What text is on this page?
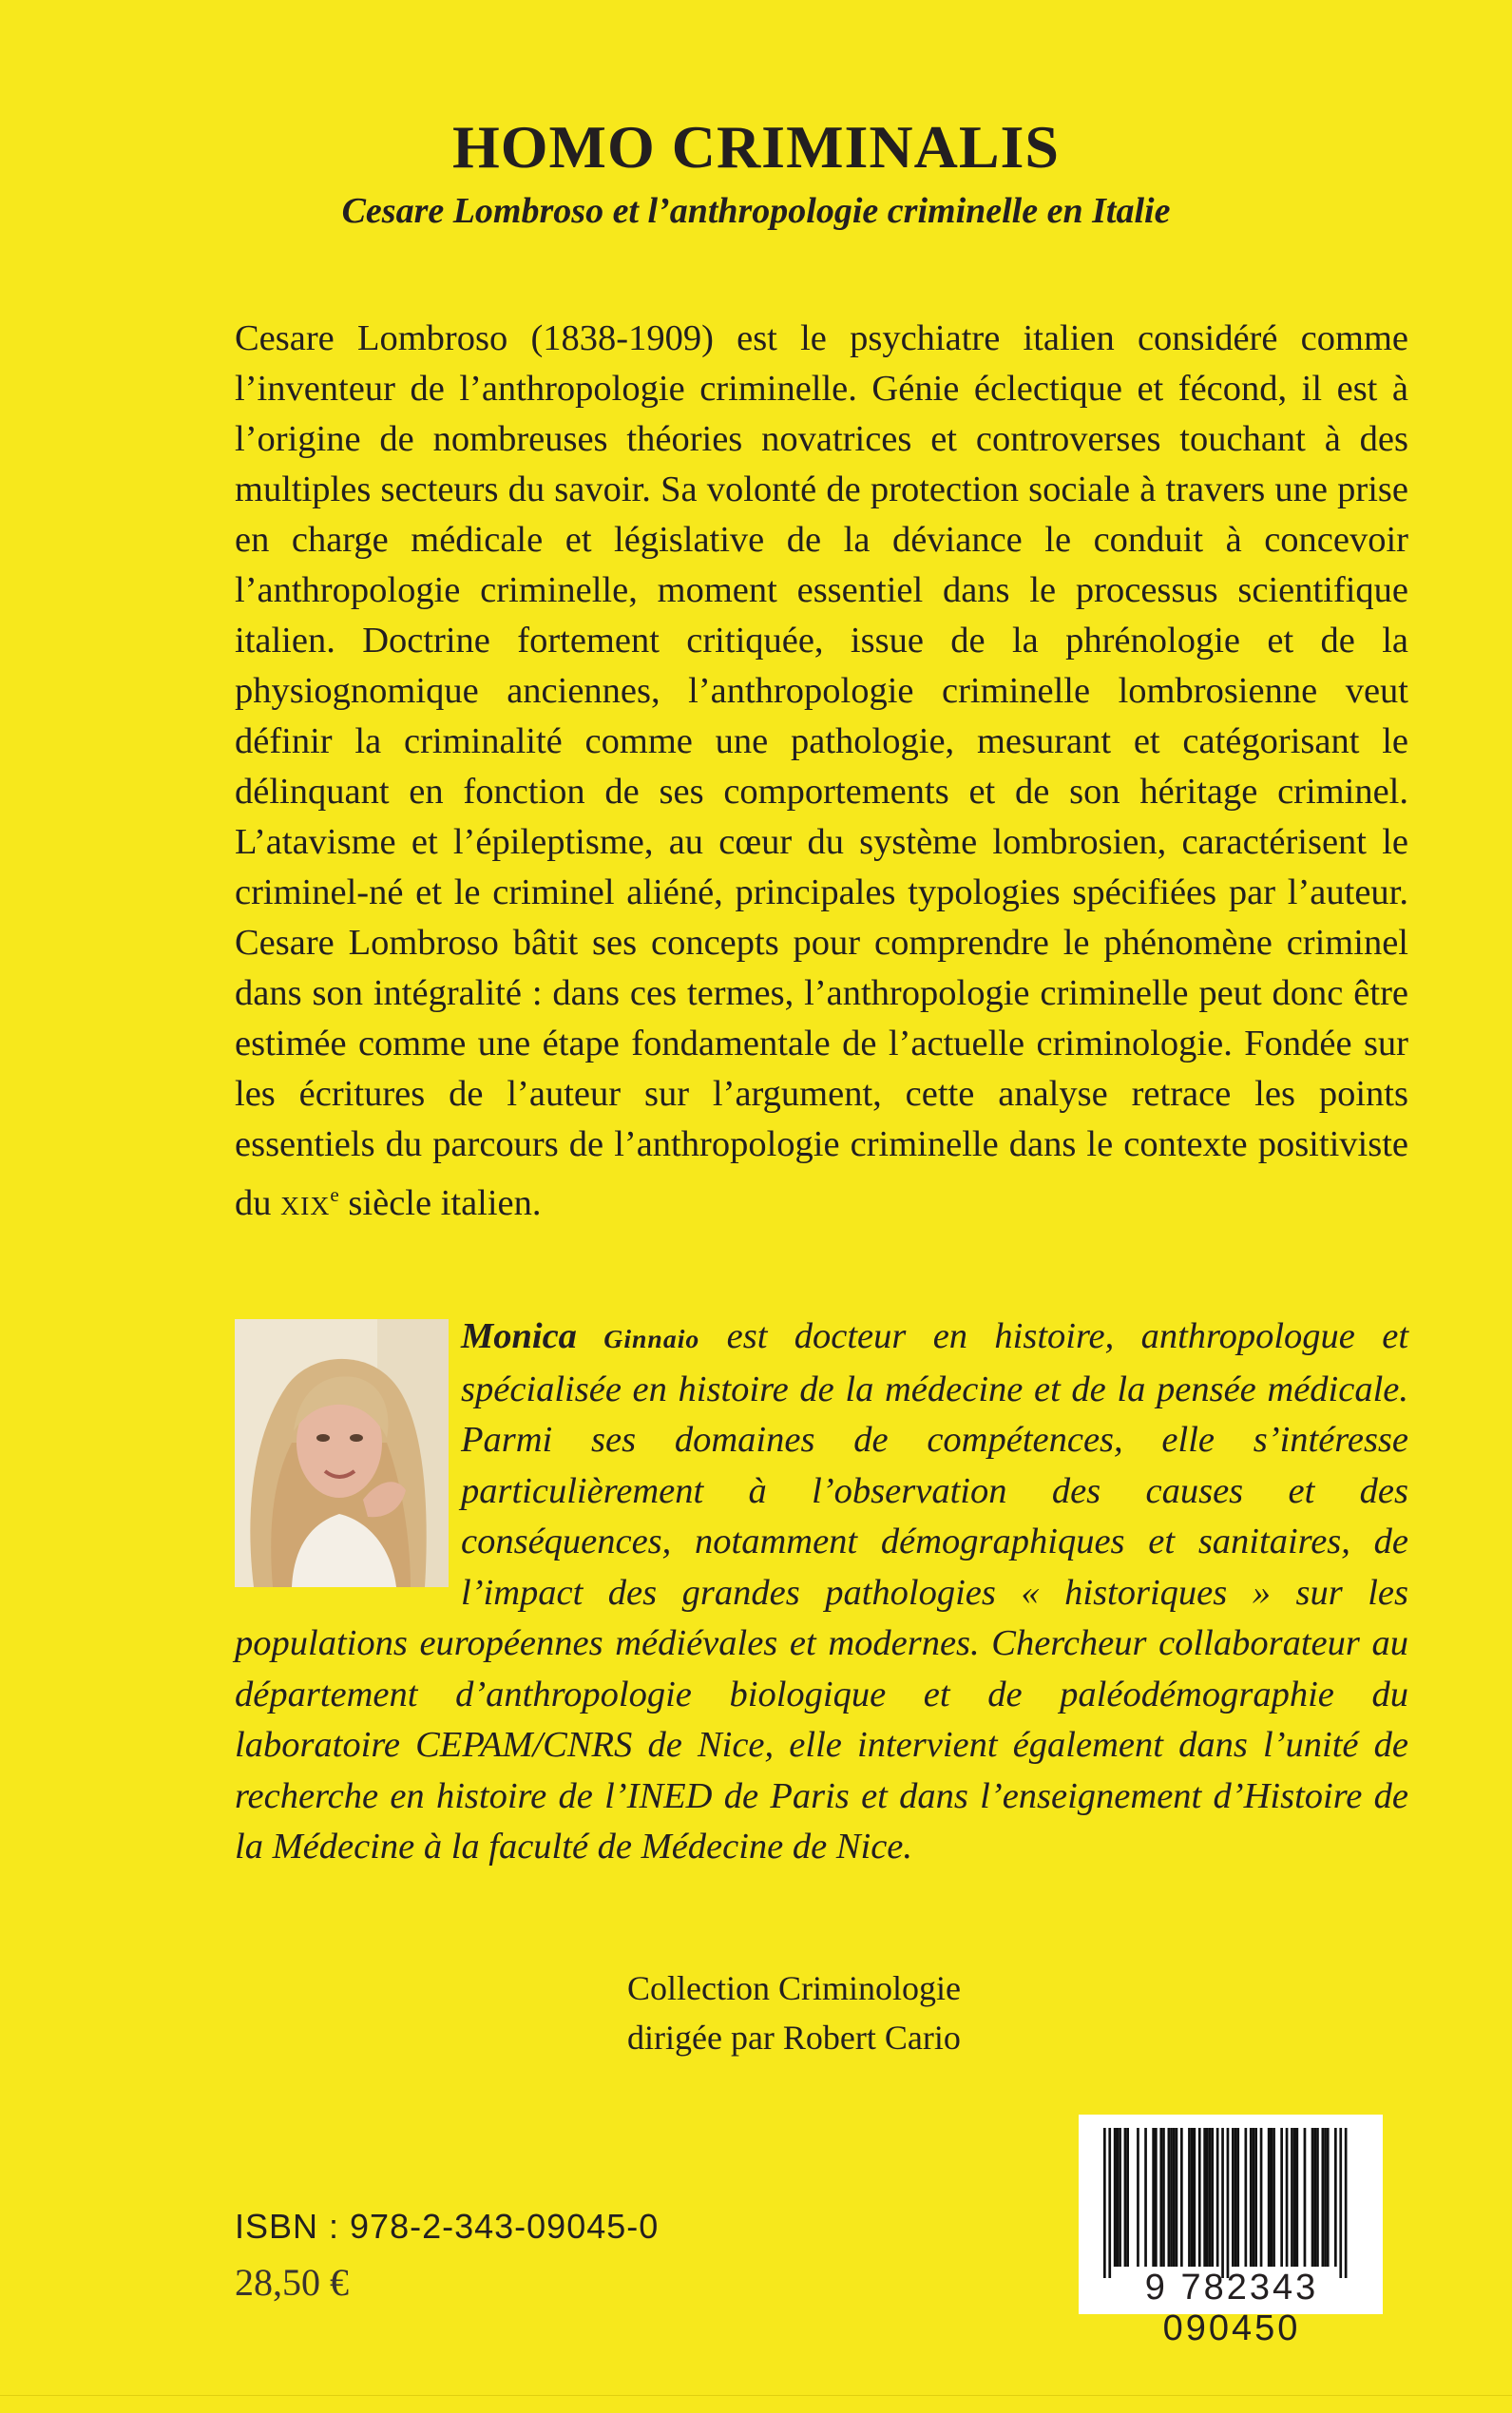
HOMO CRIMINALIS
Cesare Lombroso et l’anthropologie criminelle en Italie

Cesare Lombroso (1838-1909) est le psychiatre italien considéré comme l’inventeur de l’anthropologie criminelle. Génie éclectique et fécond, il est à l’origine de nombreuses théories novatrices et controverses touchant à des multiples secteurs du savoir. Sa volonté de protection sociale à travers une prise en charge médicale et législative de la déviance le conduit à concevoir l’anthropologie criminelle, moment essentiel dans le processus scientifique italien. Doctrine fortement critiquée, issue de la phrénologie et de la physiognomique anciennes, l’anthropologie criminelle lombrosienne veut définir la criminalité comme une pathologie, mesurant et catégorisant le délinquant en fonction de ses comportements et de son héritage criminel. L’atavisme et l’épileptisme, au cœur du système lombrosien, caractérisent le criminel-né et le criminel aliéné, principales typologies spécifiées par l’auteur. Cesare Lombroso bâtit ses concepts pour comprendre le phénomène criminel dans son intégralité : dans ces termes, l’anthropologie criminelle peut donc être estimée comme une étape fondamentale de l’actuelle criminologie. Fondée sur les écritures de l’auteur sur l’argument, cette analyse retrace les points essentiels du parcours de l’anthropologie criminelle dans le contexte positiviste du XIXe siècle italien.

Monica Ginnaio est docteur en histoire, anthropologue et spécialisée en histoire de la médecine et de la pensée médicale. Parmi ses domaines de compétences, elle s’intéresse particulièrement à l’observation des causes et des conséquences, notamment démographiques et sanitaires, de l’impact des grandes pathologies « historiques » sur les populations européennes médiévales et modernes. Chercheur collaborateur au département d’anthropologie biologique et de paléodémographie du laboratoire CEPAM/CNRS de Nice, elle intervient également dans l’unité de recherche en histoire de l’INED de Paris et dans l’enseignement d’Histoire de la Médecine à la faculté de Médecine de Nice.

Collection Criminologie
dirigée par Robert Cario
ISBN : 978-2-343-09045-0
28,50 €	9 782343 090450
